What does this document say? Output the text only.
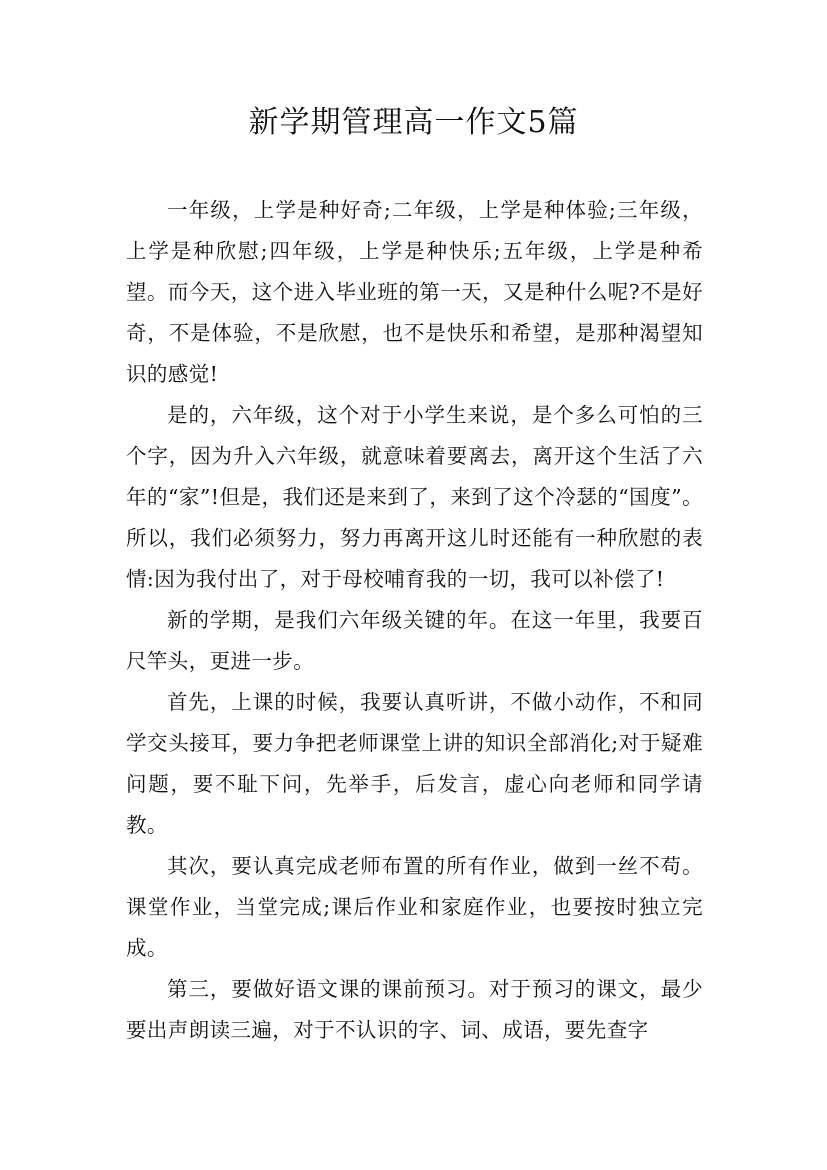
新学期管理高一作文5篇

一年级，上学是种好奇;二年级，上学是种体验;三年级，上学是种欣慰;四年级，上学是种快乐;五年级，上学是种希望。而今天，这个进入毕业班的第一天，又是种什么呢?不是好奇，不是体验，不是欣慰，也不是快乐和希望，是那种渴望知识的感觉!

是的，六年级，这个对于小学生来说，是个多么可怕的三个字，因为升入六年级，就意味着要离去，离开这个生活了六年的“家”!但是，我们还是来到了，来到了这个冷瑟的“国度”。所以，我们必须努力，努力再离开这儿时还能有一种欣慰的表情:因为我付出了，对于母校哺育我的一切，我可以补偿了!

新的学期，是我们六年级关键的年。在这一年里，我要百尺竿头，更进一步。

首先，上课的时候，我要认真听讲，不做小动作，不和同学交头接耳，要力争把老师课堂上讲的知识全部消化;对于疑难问题，要不耻下问，先举手，后发言，虚心向老师和同学请教。

其次，要认真完成老师布置的所有作业，做到一丝不苟。课堂作业，当堂完成;课后作业和家庭作业，也要按时独立完成。

第三，要做好语文课的课前预习。对于预习的课文，最少要出声朗读三遍，对于不认识的字、词、成语，要先查字
